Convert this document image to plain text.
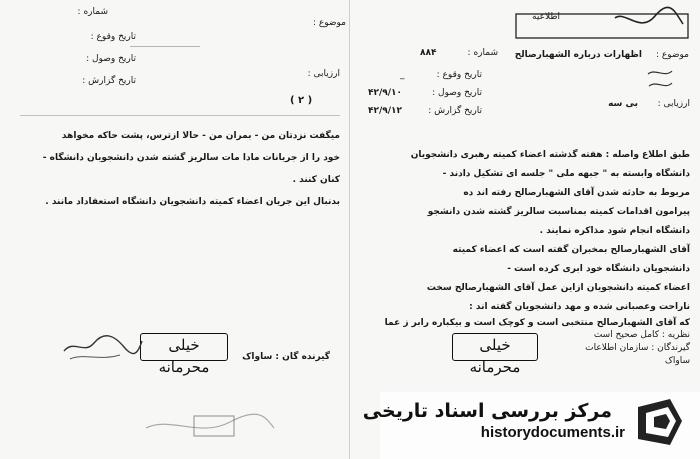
شماره :
موضوع :
تاریخ وقوع :
تاریخ وصول :
تاریخ گزارش :
ارزیابی :
( ۲ )
میگفت نزدتان من - بمران من - حالا ازترس، پشت حاکه مخواهد
خود را از جریانات مادا مات سالریز گشته شدن دانشجویان دانشگاه -
کنان کنند .
بدنبال این جریان اعضاء کمیته دانشجویان دانشگاه استعفاداد مانند .
گیرنده گان : ساواک
خیلی محرمانه
اطلاعیه
شماره :
۸۸۴	موضوع :
اظهارات درباره الشهبارصالح
تاریخ وقوع :
_
تاریخ وصول :
۴۲/۹/۱۰
تاریخ گزارش :
۴۲/۹/۱۲
ارزیابی :
بی سه
طبق اطلاع واصله : هفته گذشته اعضاء کمیته رهبری دانشجویان
دانشگاه وابسته به " جبهه ملی " جلسه ای تشکیل دادند -
مربوط به حادثه شدن آقای الشهبارصالح رفته اند ده
پیرامون اقدامات کمیته بمناسبت سالریز گشته شدن دانشجو
دانشگاه انجام شود مذاکره نمایند .
آقای الشهبارصالح بمخبران گفته است که اعضاء کمیته
دانشجویان دانشگاه خود ابری کرده است -
اعضاء کمیته دانشجویان ازاین عمل آقای الشهبارصالح سخت
ناراحت وعصبانی شده و مهد دانشجویان گفته اند :
که آقای الشهبارصالح منتخبی است و کوچک است و بیکباره رابر ز عما
نظریه : کامل صحیح است
گیرندگان : سازمان اطلاعات
ساواک
خیلی محرمانه
مرکز بررسی اسناد تاریخی
historydocuments.ir
